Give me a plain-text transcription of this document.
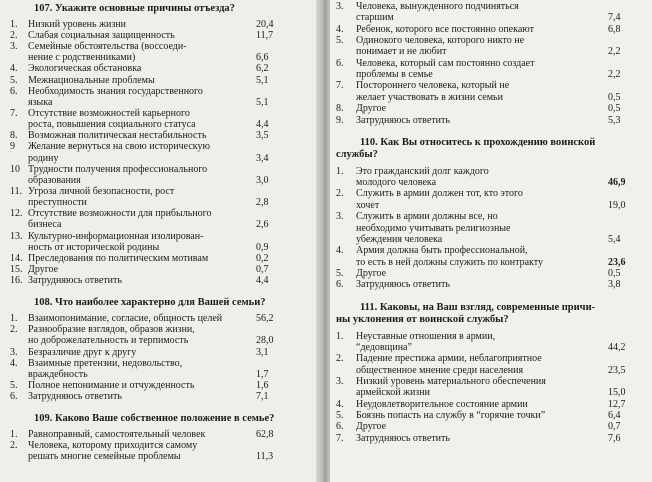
107. Укажите основные причины отъезда?
1. Низкий уровень жизни	20,4
2. Слабая социальная защищенность	11,7
3. Семейные обстоятельства (воссоеди-
нение с родственниками)	6,6
4. Экологическая обстановка	6,2
5. Межнациональные проблемы	5,1
6. Необходимость знания государственного
языка	5,1
7. Отсутствие возможностей карьерного
роста, повышения социального статуса	4,4
8. Возможная политическая нестабильность	3,5
9 Желание вернуться на свою историческую
родину	3,4
10 Трудности получения профессионального
образования	3,0
11. Угроза личной безопасности, рост
преступности	2,8
12. Отсутствие возможности для прибыльного
бизнеса	2,6
13. Культурно-информационная изолирован-
ность от исторической родины	0,9
14. Преследования по политическим мотивам	0,2
15. Другое	0,7
16. Затрудняюсь ответить	4,4
108. Что наиболее характерно для Вашей семьи?
1. Взаимопонимание, согласие, общность целей	56,2
2. Разнообразие взглядов, образов жизни,
но доброжелательность и терпимость	28,0
3. Безразличие друг к другу	3,1
4. Взаимные претензии, недовольство,
враждебность	1,7
5. Полное непонимание и отчужденность	1,6
6. Затрудняюсь ответить	7,1
109. Каково Ваше собственное положение в семье?
1. Равноправный, самостоятельный человек	62,8
2. Человека, которому приходится самому
решать многие семейные проблемы	11,3
3. Человека, вынужденного подчиняться
старшим	7,4
4. Ребенок, которого все постоянно опекают	6,8
5. Одинокого человека, которого никто не
понимает и не любит	2,2
6. Человека, который сам постоянно создает
проблемы в семье	2,2
7. Постороннего человека, который не
желает участвовать в жизни семьи	0,5
8. Другое	0,5
9. Затрудняюсь ответить	5,3
110. Как Вы относитесь к прохождению воинской
службы?
1. Это гражданский долг каждого
молодого человека	46,9
2. Служить в армии должен тот, кто этого
хочет	19,0
3. Служить в армии должны все, но
необходимо учитывать религиозные
убеждения человека	5,4
4. Армия должна быть профессиональной,
то есть в ней должны служить по контракту	23,6
5. Другое	0,5
6. Затрудняюсь ответить	3,8
111. Каковы, на Ваш взгляд, современные причи-
ны уклонения от воинской службы?
1. Неуставные отношения в армии,
“дедовщина”	44,2
2. Падение престижа армии, неблагоприятное
общественное мнение среди населения	23,5
3. Низкий уровень материального обеспечения
армейской жизни	15,0
4. Неудовлетворительное состояние армии	12,7
5. Боязнь попасть на службу в “горячие точки”	6,4
6. Другое	0,7
7. Затрудняюсь ответить	7,6
